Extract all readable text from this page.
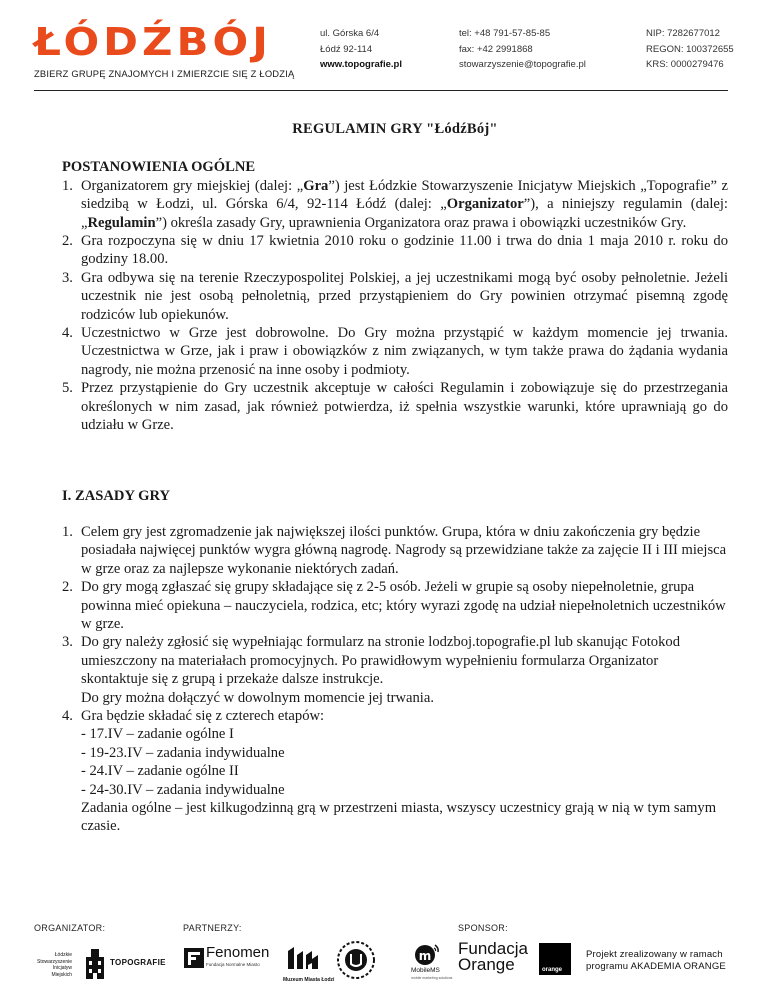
ŁÓDŹBÓJ
ZBIERZ GRUPĘ ZNAJOMYCH I ZMIERZCIE SIĘ Z ŁODZIĄ
ul. Górska 6/4
Łódź 92-114
www.topografie.pl
tel: +48 791-57-85-85
fax: +42 2991868
stowarzyszenie@topografie.pl
NIP: 7282677012
REGON: 100372655
KRS: 0000279476

REGULAMIN GRY "ŁódźBój"

POSTANOWIENIA OGÓLNE

1. Organizatorem gry miejskiej (dalej: „Gra”) jest Łódzkie Stowarzyszenie Inicjatyw Miejskich „Topografie” z siedzibą w Łodzi, ul. Górska 6/4, 92-114 Łódź (dalej: „Organizator”), a niniejszy regulamin (dalej: „Regulamin”) określa zasady Gry, uprawnienia Organizatora oraz prawa i obowiązki uczestników Gry.
2. Gra rozpoczyna się w dniu 17 kwietnia 2010 roku o godzinie 11.00 i trwa do dnia 1 maja 2010 r. roku do godziny 18.00.
3. Gra odbywa się na terenie Rzeczypospolitej Polskiej, a jej uczestnikami mogą być osoby pełnoletnie. Jeżeli uczestnik nie jest osobą pełnoletnią, przed przystąpieniem do Gry powinien otrzymać pisemną zgodę rodziców lub opiekunów.
4. Uczestnictwo w Grze jest dobrowolne. Do Gry można przystąpić w każdym momencie jej trwania. Uczestnictwa w Grze, jak i praw i obowiązków z nim związanych, w tym także prawa do żądania wydania nagrody, nie można przenosić na inne osoby i podmioty.
5. Przez przystąpienie do Gry uczestnik akceptuje w całości Regulamin i zobowiązuje się do przestrzegania określonych w nim zasad, jak również potwierdza, iż spełnia wszystkie warunki, które uprawniają go do udziału w Grze.

I. ZASADY GRY

1. Celem gry jest zgromadzenie jak największej ilości punktów. Grupa, która w dniu zakończenia gry będzie posiadała najwięcej punktów wygra główną nagrodę. Nagrody są przewidziane także za zajęcie II i III miejsca w grze oraz za najlepsze wykonanie niektórych zadań.
2. Do gry mogą zgłaszać się grupy składające się z 2-5 osób. Jeżeli w grupie są osoby niepełnoletnie, grupa powinna mieć opiekuna – nauczyciela, rodzica, etc; który wyrazi zgodę na udział niepełnoletnich uczestników w grze.
3. Do gry należy zgłosić się wypełniając formularz na stronie lodzboj.topografie.pl lub skanując Fotokod umieszczony na materiałach promocyjnych. Po prawidłowym wypełnieniu formularza Organizator skontaktuje się z grupą i przekaże dalsze instrukcje.
Do gry można dołączyć w dowolnym momencie jej trwania.
4. Gra będzie składać się z czterech etapów:
- 17.IV – zadanie ogólne I
- 19-23.IV – zadania indywidualne
- 24.IV – zadanie ogólne II
- 24-30.IV – zadania indywidualne
Zadania ogólne – jest kilkugodzinną grą w przestrzeni miasta, wszyscy uczestnicy grają w nią w tym samym czasie.
ORGANIZATOR:	PARTNERZY:	SPONSOR:
Łódzkie Stowarzyszenie Inicjatyw Miejskich
TOPOGRAFIE
Fenomen
Fundacja Normalne Miasto
Muzeum Miasta Łodzi
m
MobileMS
mobile marketing solutions
Fundacja Orange	orange
Projekt zrealizowany w ramach programu AKADEMIA ORANGE
